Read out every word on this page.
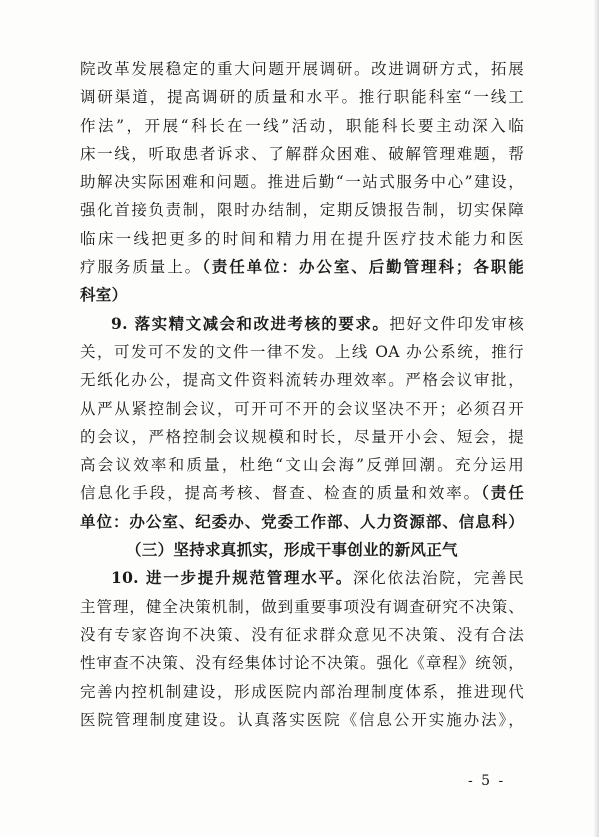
院改革发展稳定的重大问题开展调研。改进调研方式，拓展
调研渠道，提高调研的质量和水平。推行职能科室“一线工
作法”，开展“科长在一线”活动，职能科长要主动深入临
床一线，听取患者诉求、了解群众困难、破解管理难题，帮
助解决实际困难和问题。推进后勤“一站式服务中心”建设，
强化首接负责制，限时办结制，定期反馈报告制，切实保障
临床一线把更多的时间和精力用在提升医疗技术能力和医
疗服务质量上。（责任单位：办公室、后勤管理科；各职能
科室）
9. 落实精文减会和改进考核的要求。把好文件印发审核
关，可发可不发的文件一律不发。上线 OA 办公系统，推行
无纸化办公，提高文件资料流转办理效率。严格会议审批，
从严从紧控制会议，可开可不开的会议坚决不开；必须召开
的会议，严格控制会议规模和时长，尽量开小会、短会，提
高会议效率和质量，杜绝“文山会海”反弹回潮。充分运用
信息化手段，提高考核、督查、检查的质量和效率。（责任
单位：办公室、纪委办、党委工作部、人力资源部、信息科）
（三）坚持求真抓实，形成干事创业的新风正气
10. 进一步提升规范管理水平。深化依法治院，完善民
主管理，健全决策机制，做到重要事项没有调查研究不决策、
没有专家咨询不决策、没有征求群众意见不决策、没有合法
性审查不决策、没有经集体讨论不决策。强化《章程》统领，
完善内控机制建设，形成医院内部治理制度体系，推进现代
医院管理制度建设。认真落实医院《信息公开实施办法》，
- 5 -
